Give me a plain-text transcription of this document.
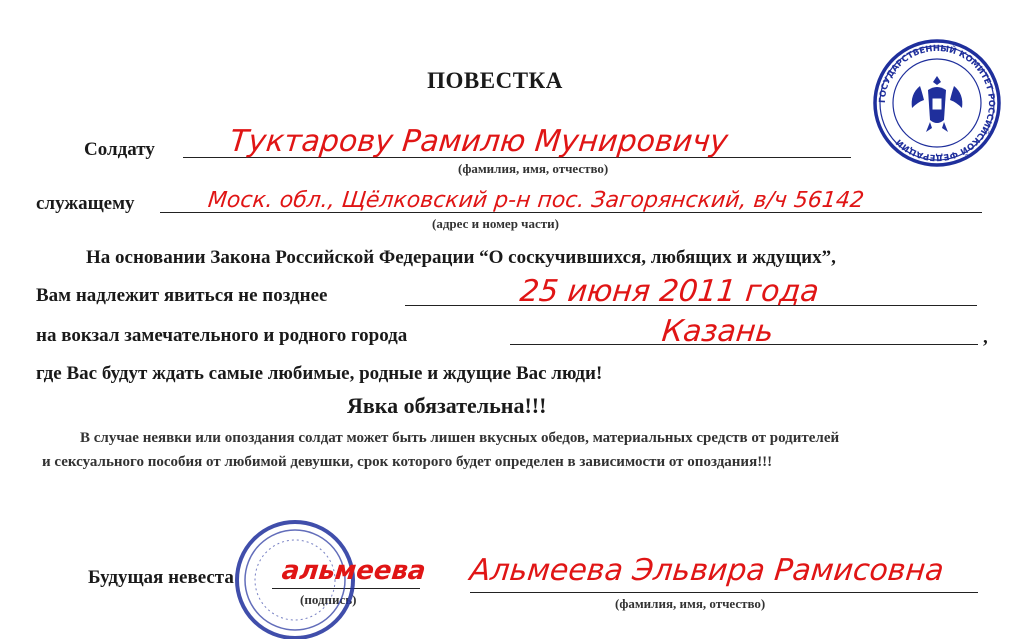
ПОВЕСТКА
Солдату Туктарову Рамилю Мунировичу
(фамилия, имя, отчество)
служащему	Моск. обл., Щёлковский р-н пос. Загорянский, в/ч 56142
(адрес и номер части)
На основании Закона Российской Федерации “О соскучившихся, любящих и ждущих”,
Вам надлежит явиться не позднее	25 июня 2011 года
на вокзал замечательного и родного города	Казань	,
где Вас будут ждать самые любимые, родные и ждущие Вас люди!
Явка обязательна!!!
В случае неявки или опоздания солдат может быть лишен вкусных обедов, материальных средств от родителей
и сексуального пособия от любимой девушки, срок которого будет определен в зависимости от опоздания!!!
Будущая невеста
(подпись)
Альмеева Эльвира Рамисовна
(фамилия, имя, отчество)
альмеева
ГОСУДАРСТВЕННЫЙ КОМИТЕТ РОССИЙСКОЙ ФЕДЕРАЦИИ
